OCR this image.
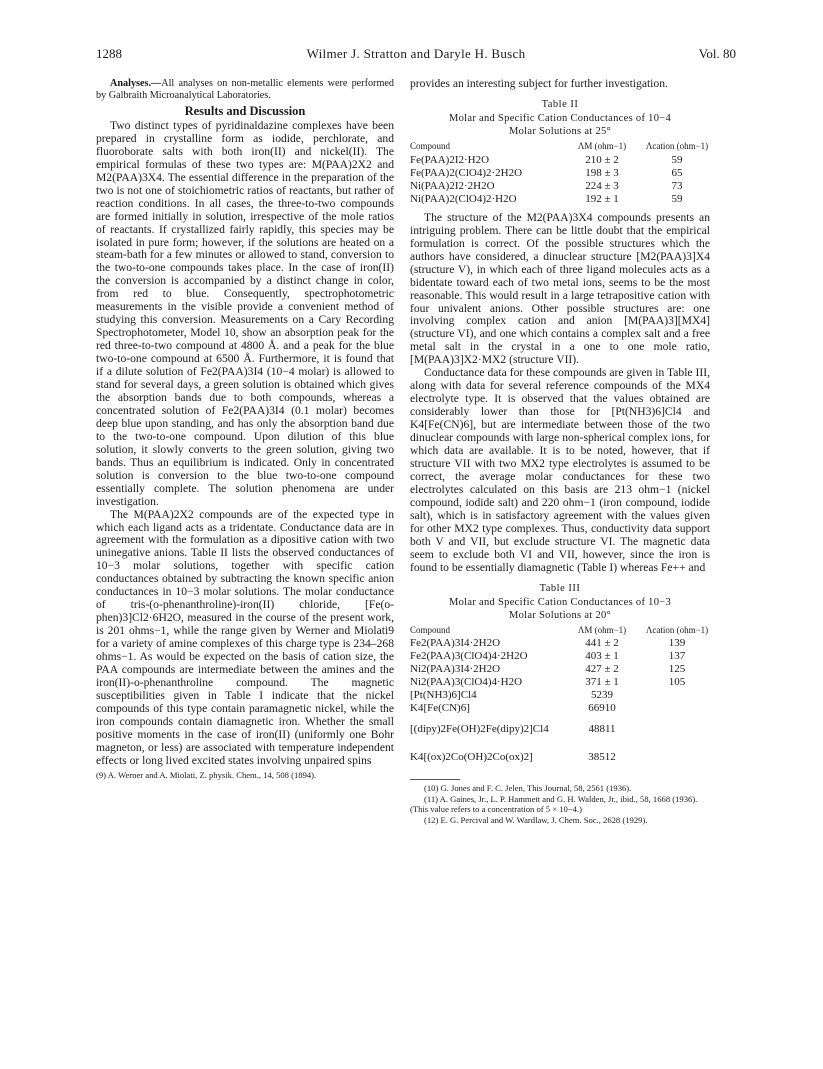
1288	Wilmer J. Stratton and Daryle H. Busch	Vol. 80

Analyses.—All analyses on non-metallic elements were performed by Galbraith Microanalytical Laboratories.

Results and Discussion

Two distinct types of pyridinaldazine complexes have been prepared in crystalline form as iodide, perchlorate, and fluoroborate salts with both iron(II) and nickel(II). The empirical formulas of these two types are: M(PAA)2X2 and M2(PAA)3X4. The essential difference in the preparation of the two is not one of stoichiometric ratios of reactants, but rather of reaction conditions. In all cases, the three-to-two compounds are formed initially in solution, irrespective of the mole ratios of reactants. If crystallized fairly rapidly, this species may be isolated in pure form; however, if the solutions are heated on a steam-bath for a few minutes or allowed to stand, conversion to the two-to-one compounds takes place. In the case of iron(II) the conversion is accompanied by a distinct change in color, from red to blue. Consequently, spectrophotometric measurements in the visible provide a convenient method of studying this conversion. Measurements on a Cary Recording Spectrophotometer, Model 10, show an absorption peak for the red three-to-two compound at 4800 Å. and a peak for the blue two-to-one compound at 6500 Å. Furthermore, it is found that if a dilute solution of Fe2(PAA)3I4 (10−4 molar) is allowed to stand for several days, a green solution is obtained which gives the absorption bands due to both compounds, whereas a concentrated solution of Fe2(PAA)3I4 (0.1 molar) becomes deep blue upon standing, and has only the absorption band due to the two-to-one compound. Upon dilution of this blue solution, it slowly converts to the green solution, giving two bands. Thus an equilibrium is indicated. Only in concentrated solution is conversion to the blue two-to-one compound essentially complete. The solution phenomena are under investigation.

The M(PAA)2X2 compounds are of the expected type in which each ligand acts as a tridentate. Conductance data are in agreement with the formulation as a dipositive cation with two uninegative anions. Table II lists the observed conductances of 10−3 molar solutions, together with specific cation conductances obtained by subtracting the known specific anion conductances in 10−3 molar solutions. The molar conductance of tris-(o-phenanthroline)-iron(II) chloride, [Fe(o-phen)3]Cl2·6H2O, measured in the course of the present work, is 201 ohms−1, while the range given by Werner and Miolati9 for a variety of amine complexes of this charge type is 234–268 ohms−1. As would be expected on the basis of cation size, the PAA compounds are intermediate between the amines and the iron(II)-o-phenanthroline compound. The magnetic susceptibilities given in Table I indicate that the nickel compounds of this type contain paramagnetic nickel, while the iron compounds contain diamagnetic iron. Whether the small positive moments in the case of iron(II) (uniformly one Bohr magneton, or less) are associated with temperature independent effects or long lived excited states involving unpaired spins

(9) A. Werner and A. Miolati, Z. physik. Chem., 14, 508 (1894).

provides an interesting subject for further investigation.

Table II
Molar and Specific Cation Conductances of 10−4
Molar Solutions at 25°
Compound	ΛM (ohm−1)	Λcation (ohm−1)
Fe(PAA)2I2·H2O	210 ± 2	59
Fe(PAA)2(ClO4)2·2H2O	198 ± 3	65
Ni(PAA)2I2·2H2O	224 ± 3	73
Ni(PAA)2(ClO4)2·H2O	192 ± 1	59

The structure of the M2(PAA)3X4 compounds presents an intriguing problem. There can be little doubt that the empirical formulation is correct. Of the possible structures which the authors have considered, a dinuclear structure [M2(PAA)3]X4 (structure V), in which each of three ligand molecules acts as a bidentate toward each of two metal ions, seems to be the most reasonable. This would result in a large tetrapositive cation with four univalent anions. Other possible structures are: one involving complex cation and anion [M(PAA)3][MX4] (structure VI), and one which contains a complex salt and a free metal salt in the crystal in a one to one mole ratio, [M(PAA)3]X2·MX2 (structure VII).

Conductance data for these compounds are given in Table III, along with data for several reference compounds of the MX4 electrolyte type. It is observed that the values obtained are considerably lower than those for [Pt(NH3)6]Cl4 and K4[Fe(CN)6], but are intermediate between those of the two dinuclear compounds with large non-spherical complex ions, for which data are available. It is to be noted, however, that if structure VII with two MX2 type electrolytes is assumed to be correct, the average molar conductances for these two electrolytes calculated on this basis are 213 ohm−1 (nickel compound, iodide salt) and 220 ohm−1 (iron compound, iodide salt), which is in satisfactory agreement with the values given for other MX2 type complexes. Thus, conductivity data support both V and VII, but exclude structure VI. The magnetic data seem to exclude both VI and VII, however, since the iron is found to be essentially diamagnetic (Table I) whereas Fe++ and

Table III
Molar and Specific Cation Conductances of 10−3
Molar Solutions at 20°
Compound	ΛM (ohm−1)	Λcation (ohm−1)
Fe2(PAA)3I4·2H2O	441 ± 2	139
Fe2(PAA)3(ClO4)4·2H2O	403 ± 1	137
Ni2(PAA)3I4·2H2O	427 ± 2	125
Ni2(PAA)3(ClO4)4·H2O	371 ± 1	105
[Pt(NH3)6]Cl4	5239	
K4[Fe(CN)6]	66910	
[(dipy)2Fe(OH)2Fe(dipy)2]Cl4	48811	
K4[(ox)2Co(OH)2Co(ox)2]	38512	

(10) G. Jones and F. C. Jelen, This Journal, 58, 2561 (1936).

(11) A. Gaines, Jr., L. P. Hammett and G. H. Walden, Jr., ibid., 58, 1668 (1936). (This value refers to a concentration of 5 × 10−4.)

(12) E. G. Percival and W. Wardlaw, J. Chem. Soc., 2628 (1929).
